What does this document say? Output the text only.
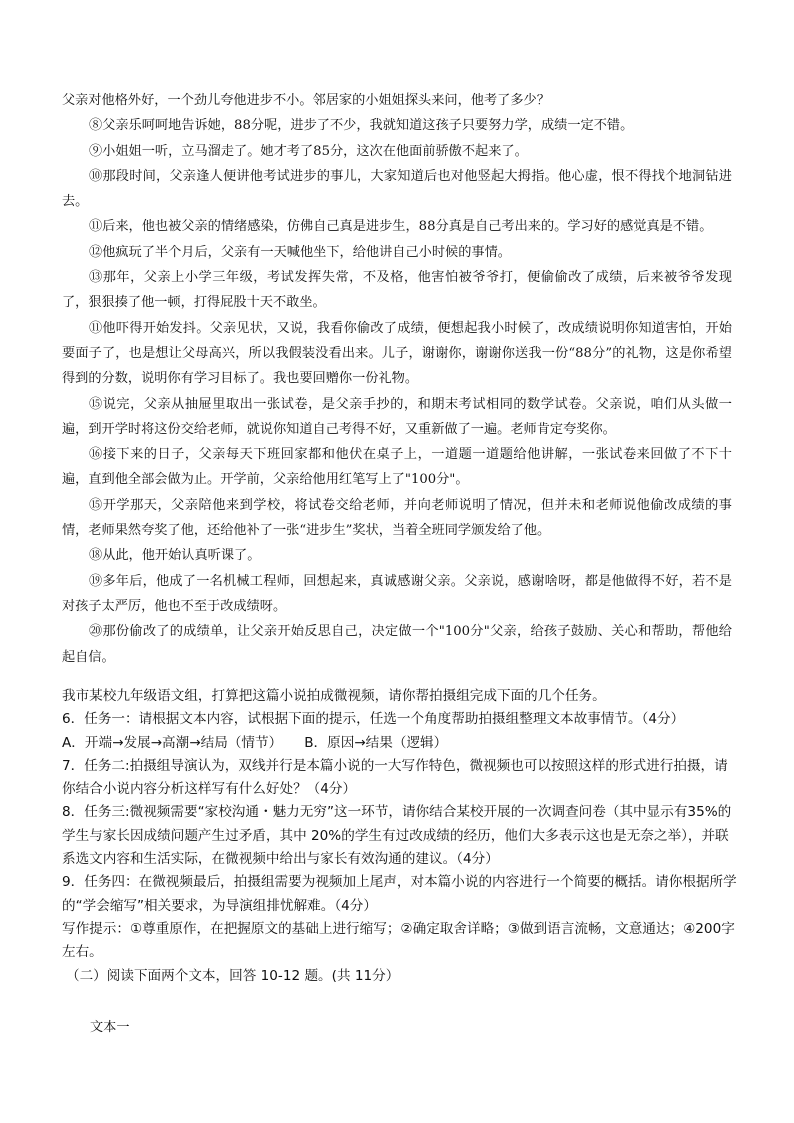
父亲对他格外好，一个劲儿夸他进步不小。邻居家的小姐姐探头来问，他考了多少？

⑧父亲乐呵呵地告诉她，88分呢，进步了不少，我就知道这孩子只要努力学，成绩一定不错。

⑨小姐姐一听，立马溜走了。她才考了85分，这次在他面前骄傲不起来了。

⑩那段时间，父亲逢人便讲他考试进步的事儿，大家知道后也对他竖起大拇指。他心虚，恨不得找个地洞钻进去。

⑪后来，他也被父亲的情绪感染，仿佛自己真是进步生，88分真是自己考出来的。学习好的感觉真是不错。

⑫他疯玩了半个月后，父亲有一天喊他坐下，给他讲自己小时候的事情。

⑬那年，父亲上小学三年级，考试发挥失常，不及格，他害怕被爷爷打，便偷偷改了成绩，后来被爷爷发现了，狠狠揍了他一顿，打得屁股十天不敢坐。

⑪他吓得开始发抖。父亲见状，又说，我看你偷改了成绩，便想起我小时候了，改成绩说明你知道害怕，开始要面子了，也是想让父母高兴，所以我假装没看出来。儿子，谢谢你，谢谢你送我一份“88分”的礼物，这是你希望得到的分数，说明你有学习目标了。我也要回赠你一份礼物。

⑮说完，父亲从抽屉里取出一张试卷，是父亲手抄的，和期末考试相同的数学试卷。父亲说，咱们从头做一遍，到开学时将这份交给老师，就说你知道自己考得不好，又重新做了一遍。老师肯定夸奖你。

⑯接下来的日子，父亲每天下班回家都和他伏在桌子上，一道题一道题给他讲解，一张试卷来回做了不下十遍，直到他全部会做为止。开学前，父亲给他用红笔写上了"100分"。

⑮开学那天，父亲陪他来到学校，将试卷交给老师，并向老师说明了情况，但并未和老师说他偷改成绩的事情，老师果然夸奖了他，还给他补了一张“进步生”奖状，当着全班同学颁发给了他。

⑱从此，他开始认真听课了。

⑲多年后，他成了一名机械工程师，回想起来，真诚感谢父亲。父亲说，感谢啥呀，都是他做得不好，若不是对孩子太严厉，他也不至于改成绩呀。

⑳那份偷改了的成绩单，让父亲开始反思自己，决定做一个"100分"父亲，给孩子鼓励、关心和帮助，帮他给起自信。

我市某校九年级语文组，打算把这篇小说拍成微视频，请你帮拍摄组完成下面的几个任务。

6．任务一：请根据文本内容，试根据下面的提示，任选一个角度帮助拍摄组整理文本故事情节。（4分）

A．开端→发展→高潮→结局（情节） B．原因→结果（逻辑）

7．任务二:拍摄组导演认为，双线并行是本篇小说的一大写作特色，微视频也可以按照这样的形式进行拍摄，请你结合小说内容分析这样写有什么好处？（4分）

8．任务三:微视频需要“家校沟通・魅力无穷”这一环节，请你结合某校开展的一次调查问卷（其中显示有35%的学生与家长因成绩问题产生过矛盾，其中 20%的学生有过改成绩的经历，他们大多表示这也是无奈之举），并联系选文内容和生活实际，在微视频中给出与家长有效沟通的建议。（4分）

9．任务四：在微视频最后，拍摄组需要为视频加上尾声，对本篇小说的内容进行一个简要的概括。请你根据所学的“学会缩写”相关要求，为导演组排忧解难。（4分）

写作提示：①尊重原作，在把握原文的基础上进行缩写；②确定取舍详略；③做到语言流畅，文意通达；④200字左右。

（二）阅读下面两个文本，回答 10-12 题。(共 11分）

文本一
